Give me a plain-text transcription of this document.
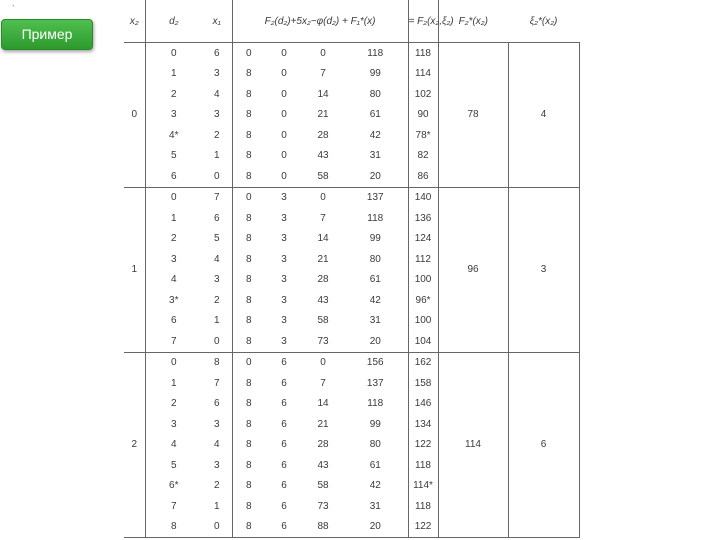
`
Пример
x₂	d₂	x₁	F₂(d₂)+5x₂−φ(d₂) + F₁*(x)				= F₂(x₂,ξ₂)	F₂*(x₂)	ξ₂*(x₂)
0	0	6	0	0	0	118	118	78	4
	1	3	8	0	7	99	114		
	2	4	8	0	14	80	102		
	3	3	8	0	21	61	90		
	4*	2	8	0	28	42	78*		
	5	1	8	0	43	31	82		
	6	0	8	0	58	20	86		
1	0	7	0	3	0	137	140	96	3
	1	6	8	3	7	118	136		
	2	5	8	3	14	99	124		
	3	4	8	3	21	80	112		
	4	3	8	3	28	61	100		
	3*	2	8	3	43	42	96*		
	6	1	8	3	58	31	100		
	7	0	8	3	73	20	104		
2	0	8	0	6	0	156	162	114	6
	1	7	8	6	7	137	158		
	2	6	8	6	14	118	146		
	3	3	8	6	21	99	134		
	4	4	8	6	28	80	122		
	5	3	8	6	43	61	118		
	6*	2	8	6	58	42	114*		
	7	1	8	6	73	31	118		
	8	0	8	6	88	20	122		
